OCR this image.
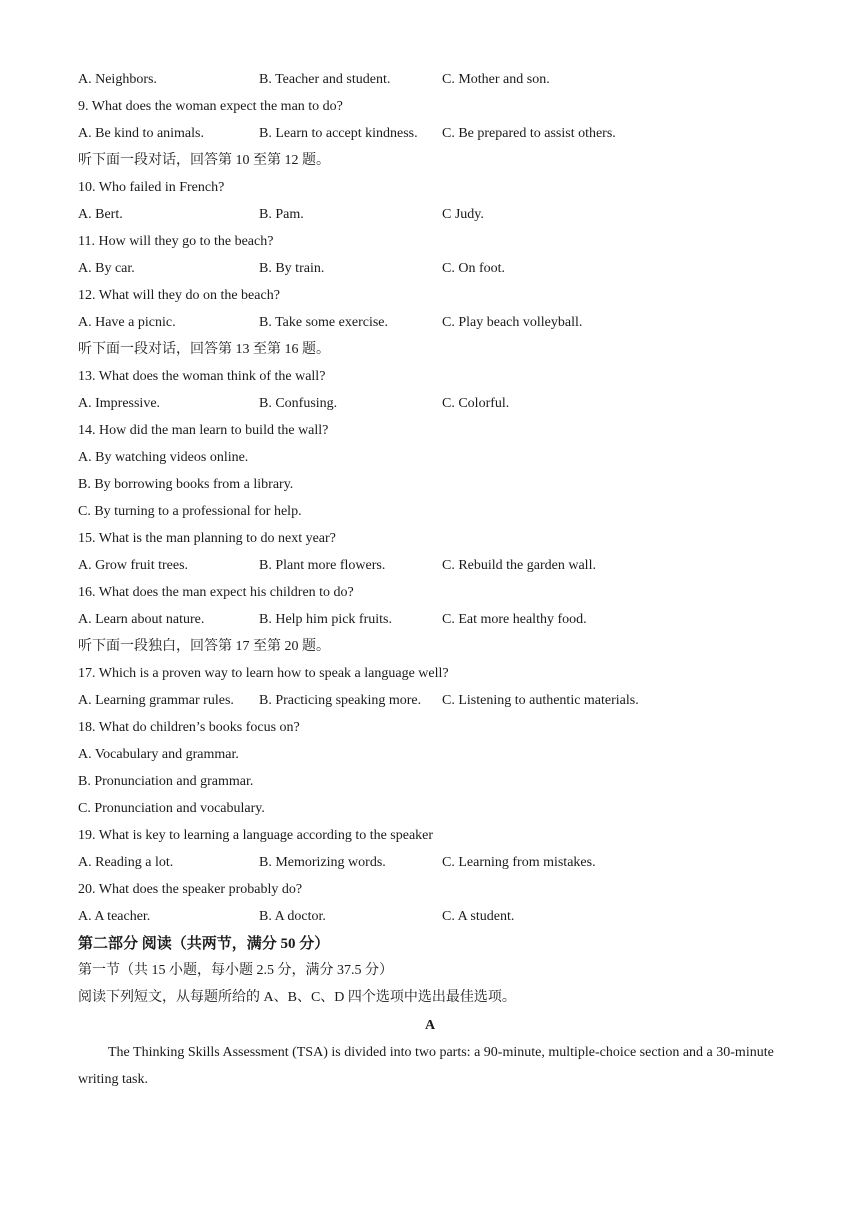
A. Neighbors.	B. Teacher and student.	C. Mother and son.
9. What does the woman expect the man to do?
A. Be kind to animals.	B. Learn to accept kindness. C. Be prepared to assist others.
听下面一段对话，回答第 10 至第 12 题。
10. Who failed in French?
A. Bert.	B. Pam.	C Judy.
11. How will they go to the beach?
A. By car.	B. By train.	C. On foot.
12. What will they do on the beach?
A. Have a picnic.	B. Take some exercise.	C. Play beach volleyball.
听下面一段对话，回答第 13 至第 16 题。
13. What does the woman think of the wall?
A. Impressive.	B. Confusing.	C. Colorful.
14. How did the man learn to build the wall?
A. By watching videos online.
B. By borrowing books from a library.
C. By turning to a professional for help.
15. What is the man planning to do next year?
A. Grow fruit trees.	B. Plant more flowers.	C. Rebuild the garden wall.
16. What does the man expect his children to do?
A. Learn about nature.	B. Help him pick fruits.	C. Eat more healthy food.
听下面一段独白，回答第 17 至第 20 题。
17. Which is a proven way to learn how to speak a language well?
A. Learning grammar rules. B. Practicing speaking more. C. Listening to authentic materials.
18. What do children’s books focus on?
A. Vocabulary and grammar.
B. Pronunciation and grammar.
C. Pronunciation and vocabulary.
19. What is key to learning a language according to the speaker
A. Reading a lot.	B. Memorizing words.	C. Learning from mistakes.
20. What does the speaker probably do?
A. A teacher.	B. A doctor.	C. A student.
第二部分 阅读（共两节，满分 50 分）
第一节（共 15 小题，每小题 2.5 分，满分 37.5 分）
阅读下列短文，从每题所给的 A、B、C、D 四个选项中选出最佳选项。
A
The Thinking Skills Assessment (TSA) is divided into two parts: a 90-minute, multiple-choice section and a 30-minute writing task.
